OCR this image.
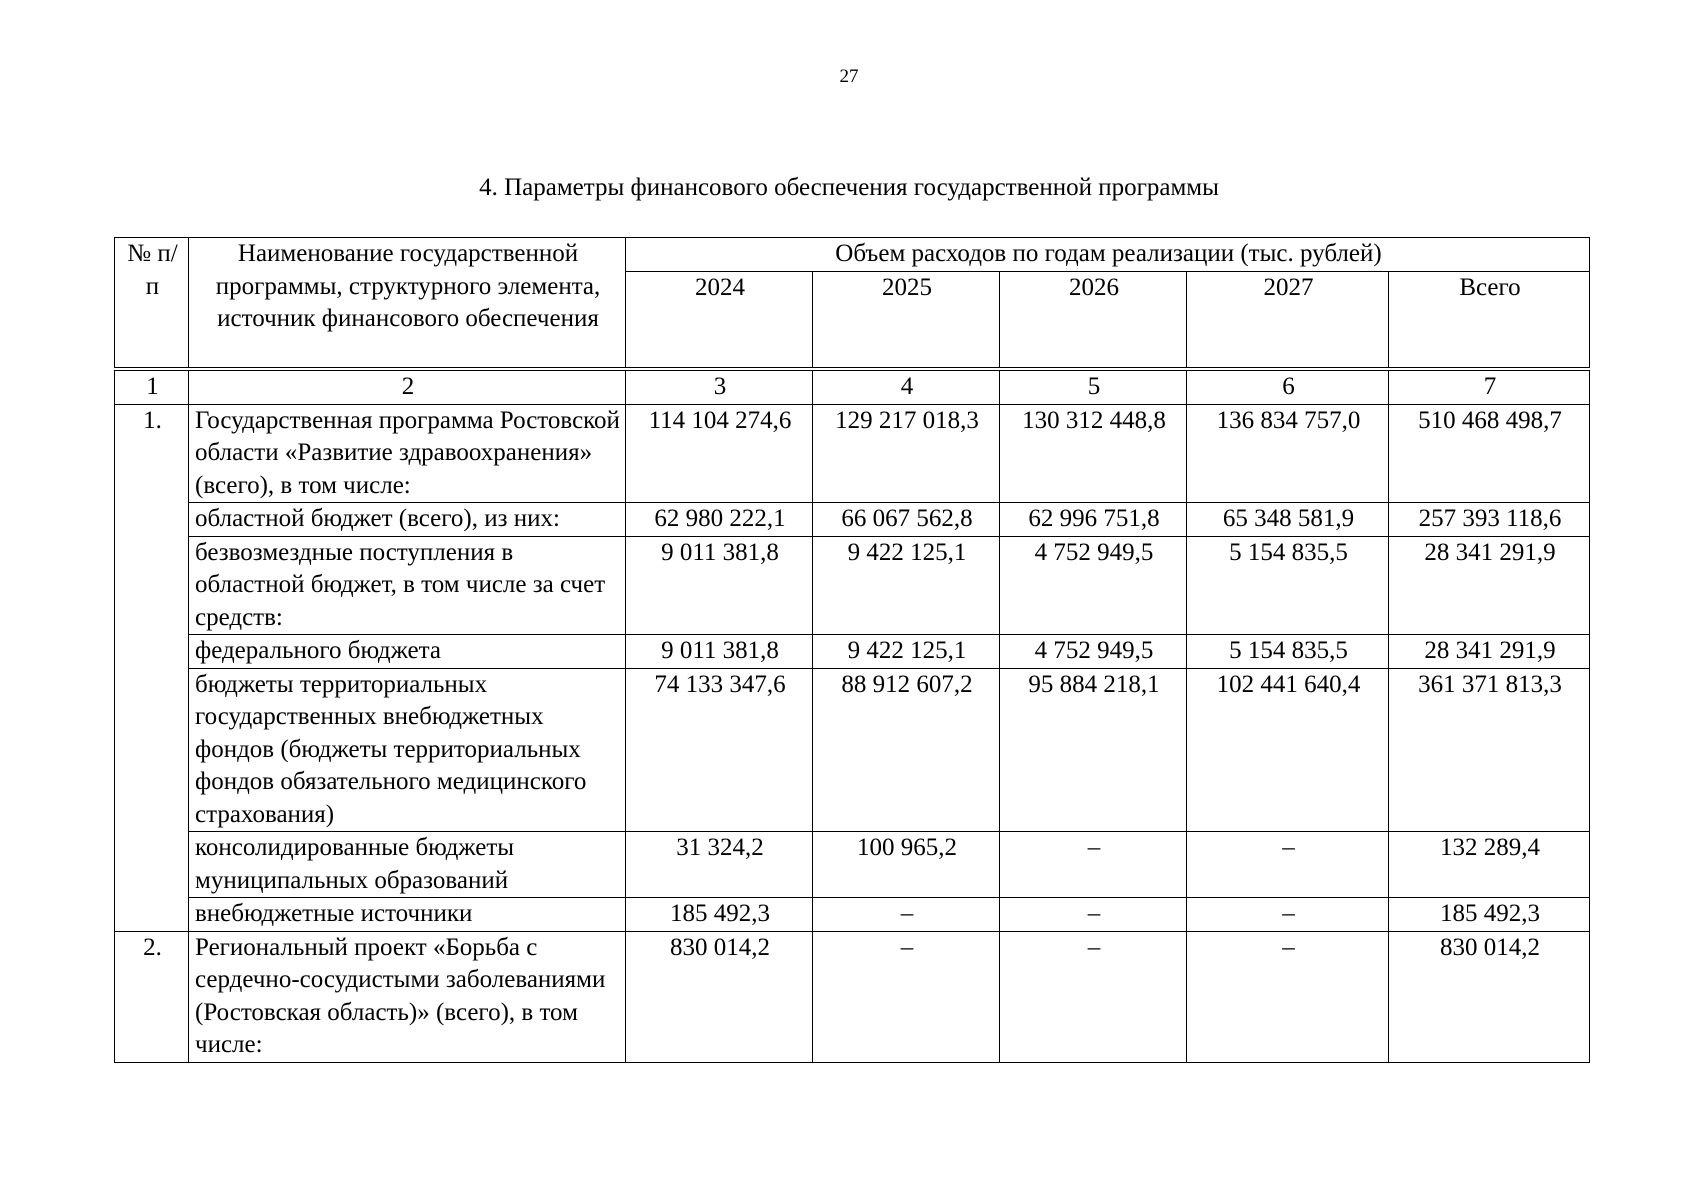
27
4. Параметры финансового обеспечения государственной программы
№ п/п	Наименование государственной программы, структурного элемента, источник финансового обеспечения	Объем расходов по годам реализации (тыс. рублей)				
		2024	2025	2026	2027	Всего
1	2	3	4	5	6	7
1.	Государственная программа Ростовской области «Развитие здравоохранения» (всего), в том числе:	114 104 274,6	129 217 018,3	130 312 448,8	136 834 757,0	510 468 498,7
	областной бюджет (всего), из них:	62 980 222,1	66 067 562,8	62 996 751,8	65 348 581,9	257 393 118,6
	безвозмездные поступления в областной бюджет, в том числе за счет средств:	9 011 381,8	9 422 125,1	4 752 949,5	5 154 835,5	28 341 291,9
	федерального бюджета	9 011 381,8	9 422 125,1	4 752 949,5	5 154 835,5	28 341 291,9
	бюджеты территориальных государственных внебюджетных фондов (бюджеты территориальных фондов обязательного медицинского страхования)	74 133 347,6	88 912 607,2	95 884 218,1	102 441 640,4	361 371 813,3
	консолидированные бюджеты муниципальных образований	31 324,2	100 965,2	–	–	132 289,4
	внебюджетные источники	185 492,3	–	–	–	185 492,3
2.	Региональный проект «Борьба с сердечно-сосудистыми заболеваниями (Ростовская область)» (всего), в том числе:	830 014,2	–	–	–	830 014,2
